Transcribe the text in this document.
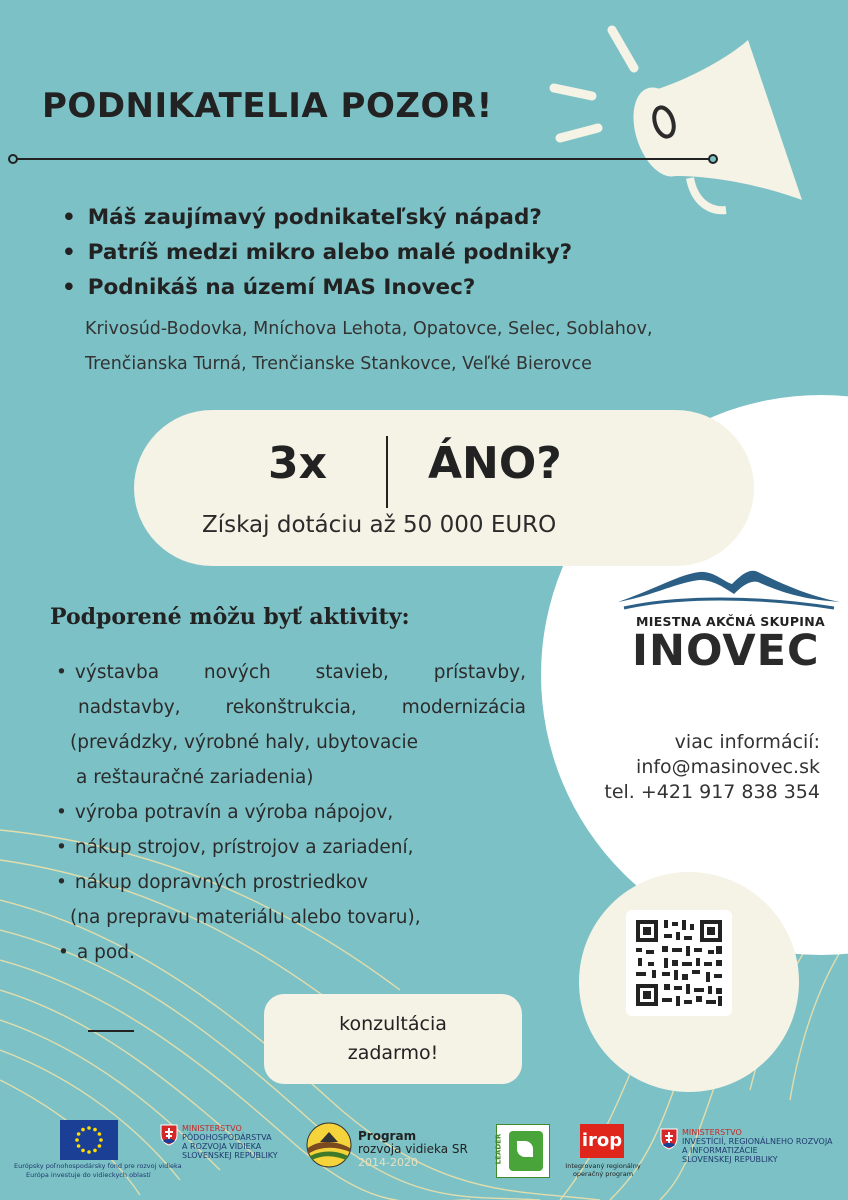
PODNIKATELIA POZOR!
• Máš zaujímavý podnikateľský nápad?
• Patríš medzi mikro alebo malé podniky?
• Podnikáš na území MAS Inovec?
Krivosúd-Bodovka, Mníchova Lehota, Opatovce, Selec, Soblahov, Trenčianska Turná, Trenčianske Stankovce, Veľké Bierovce
3x ÁNO?
Získaj dotáciu až 50 000 EURO
Podporené môžu byť aktivity:
• výstavba nových stavieb, prístavby,
nadstavby, rekonštrukcia, modernizácia
(prevádzky, výrobné haly, ubytovacie
a reštauračné zariadenia)
• výroba potravín a výroba nápojov,
• nákup strojov, prístrojov a zariadení,
• nákup dopravných prostriedkov
(na prepravu materiálu alebo tovaru),
• a pod.
MIESTNA AKČNÁ SKUPINA
INOVEC
viac informácií:
info@masinovec.sk
tel. +421 917 838 354
konzultácia
zadarmo!
Európsky poľnohospodársky fond pre rozvoj vidieka
Európa investuje do vidieckych oblastí
MINISTERSTVO
PÔDOHOSPODÁRSTVA
A ROZVOJA VIDIEKA
SLOVENSKEJ REPUBLIKY
Program
rozvoja vidieka SR
2014-2020	LEADER	irop
Integrovaný regionálny
operačný program
MINISTERSTVO
INVESTÍCIÍ, REGIONÁLNEHO ROZVOJA
A INFORMATIZÁCIE
SLOVENSKEJ REPUBLIKY
